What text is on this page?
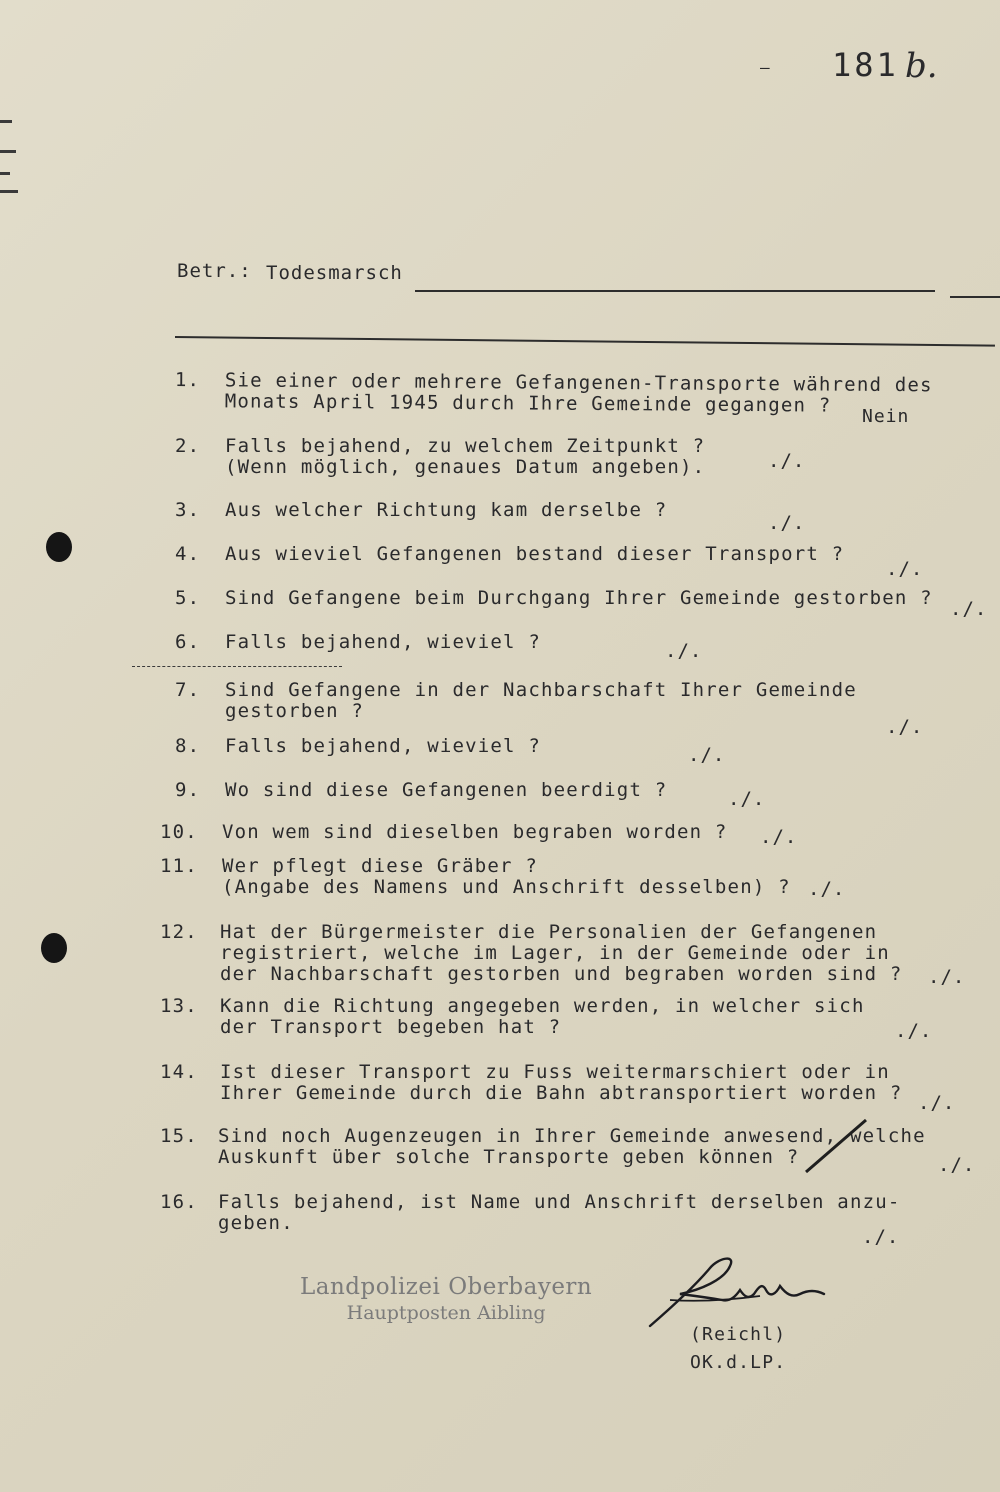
– 181 b.
Betr.: Todesmarsch
1. Sie einer oder mehrere Gefangenen-Transporte während des
Monats April 1945 durch Ihre Gemeinde gegangen ?	Nein
2. Falls bejahend, zu welchem Zeitpunkt ?
(Wenn möglich, genaues Datum angeben).	./.
3. Aus welcher Richtung kam derselbe ?
./.
4. Aus wieviel Gefangenen bestand dieser Transport ?
./.
5. Sind Gefangene beim Durchgang Ihrer Gemeinde gestorben ? ./.
6. Falls bejahend, wieviel ?	./.
7. Sind Gefangene in der Nachbarschaft Ihrer Gemeinde
gestorben ?
./.
8. Falls bejahend, wieviel ?	./.
9. Wo sind diese Gefangenen beerdigt ?	./.
10. Von wem sind dieselben begraben worden ? ./.
11. Wer pflegt diese Gräber ?
(Angabe des Namens und Anschrift desselben) ? ./.
12. Hat der Bürgermeister die Personalien der Gefangenen
registriert, welche im Lager, in der Gemeinde oder in
der Nachbarschaft gestorben und begraben worden sind ? ./.
13. Kann die Richtung angegeben werden, in welcher sich
der Transport begeben hat ?	./.
14. Ist dieser Transport zu Fuss weitermarschiert oder in
Ihrer Gemeinde durch die Bahn abtransportiert worden ? ./.
15. Sind noch Augenzeugen in Ihrer Gemeinde anwesend, welche
Auskunft über solche Transporte geben können ?	./.
16. Falls bejahend, ist Name und Anschrift derselben anzu-
geben.
./.
Landpolizei Oberbayern
Hauptposten Aibling
(Reichl)
OK.d.LP.
